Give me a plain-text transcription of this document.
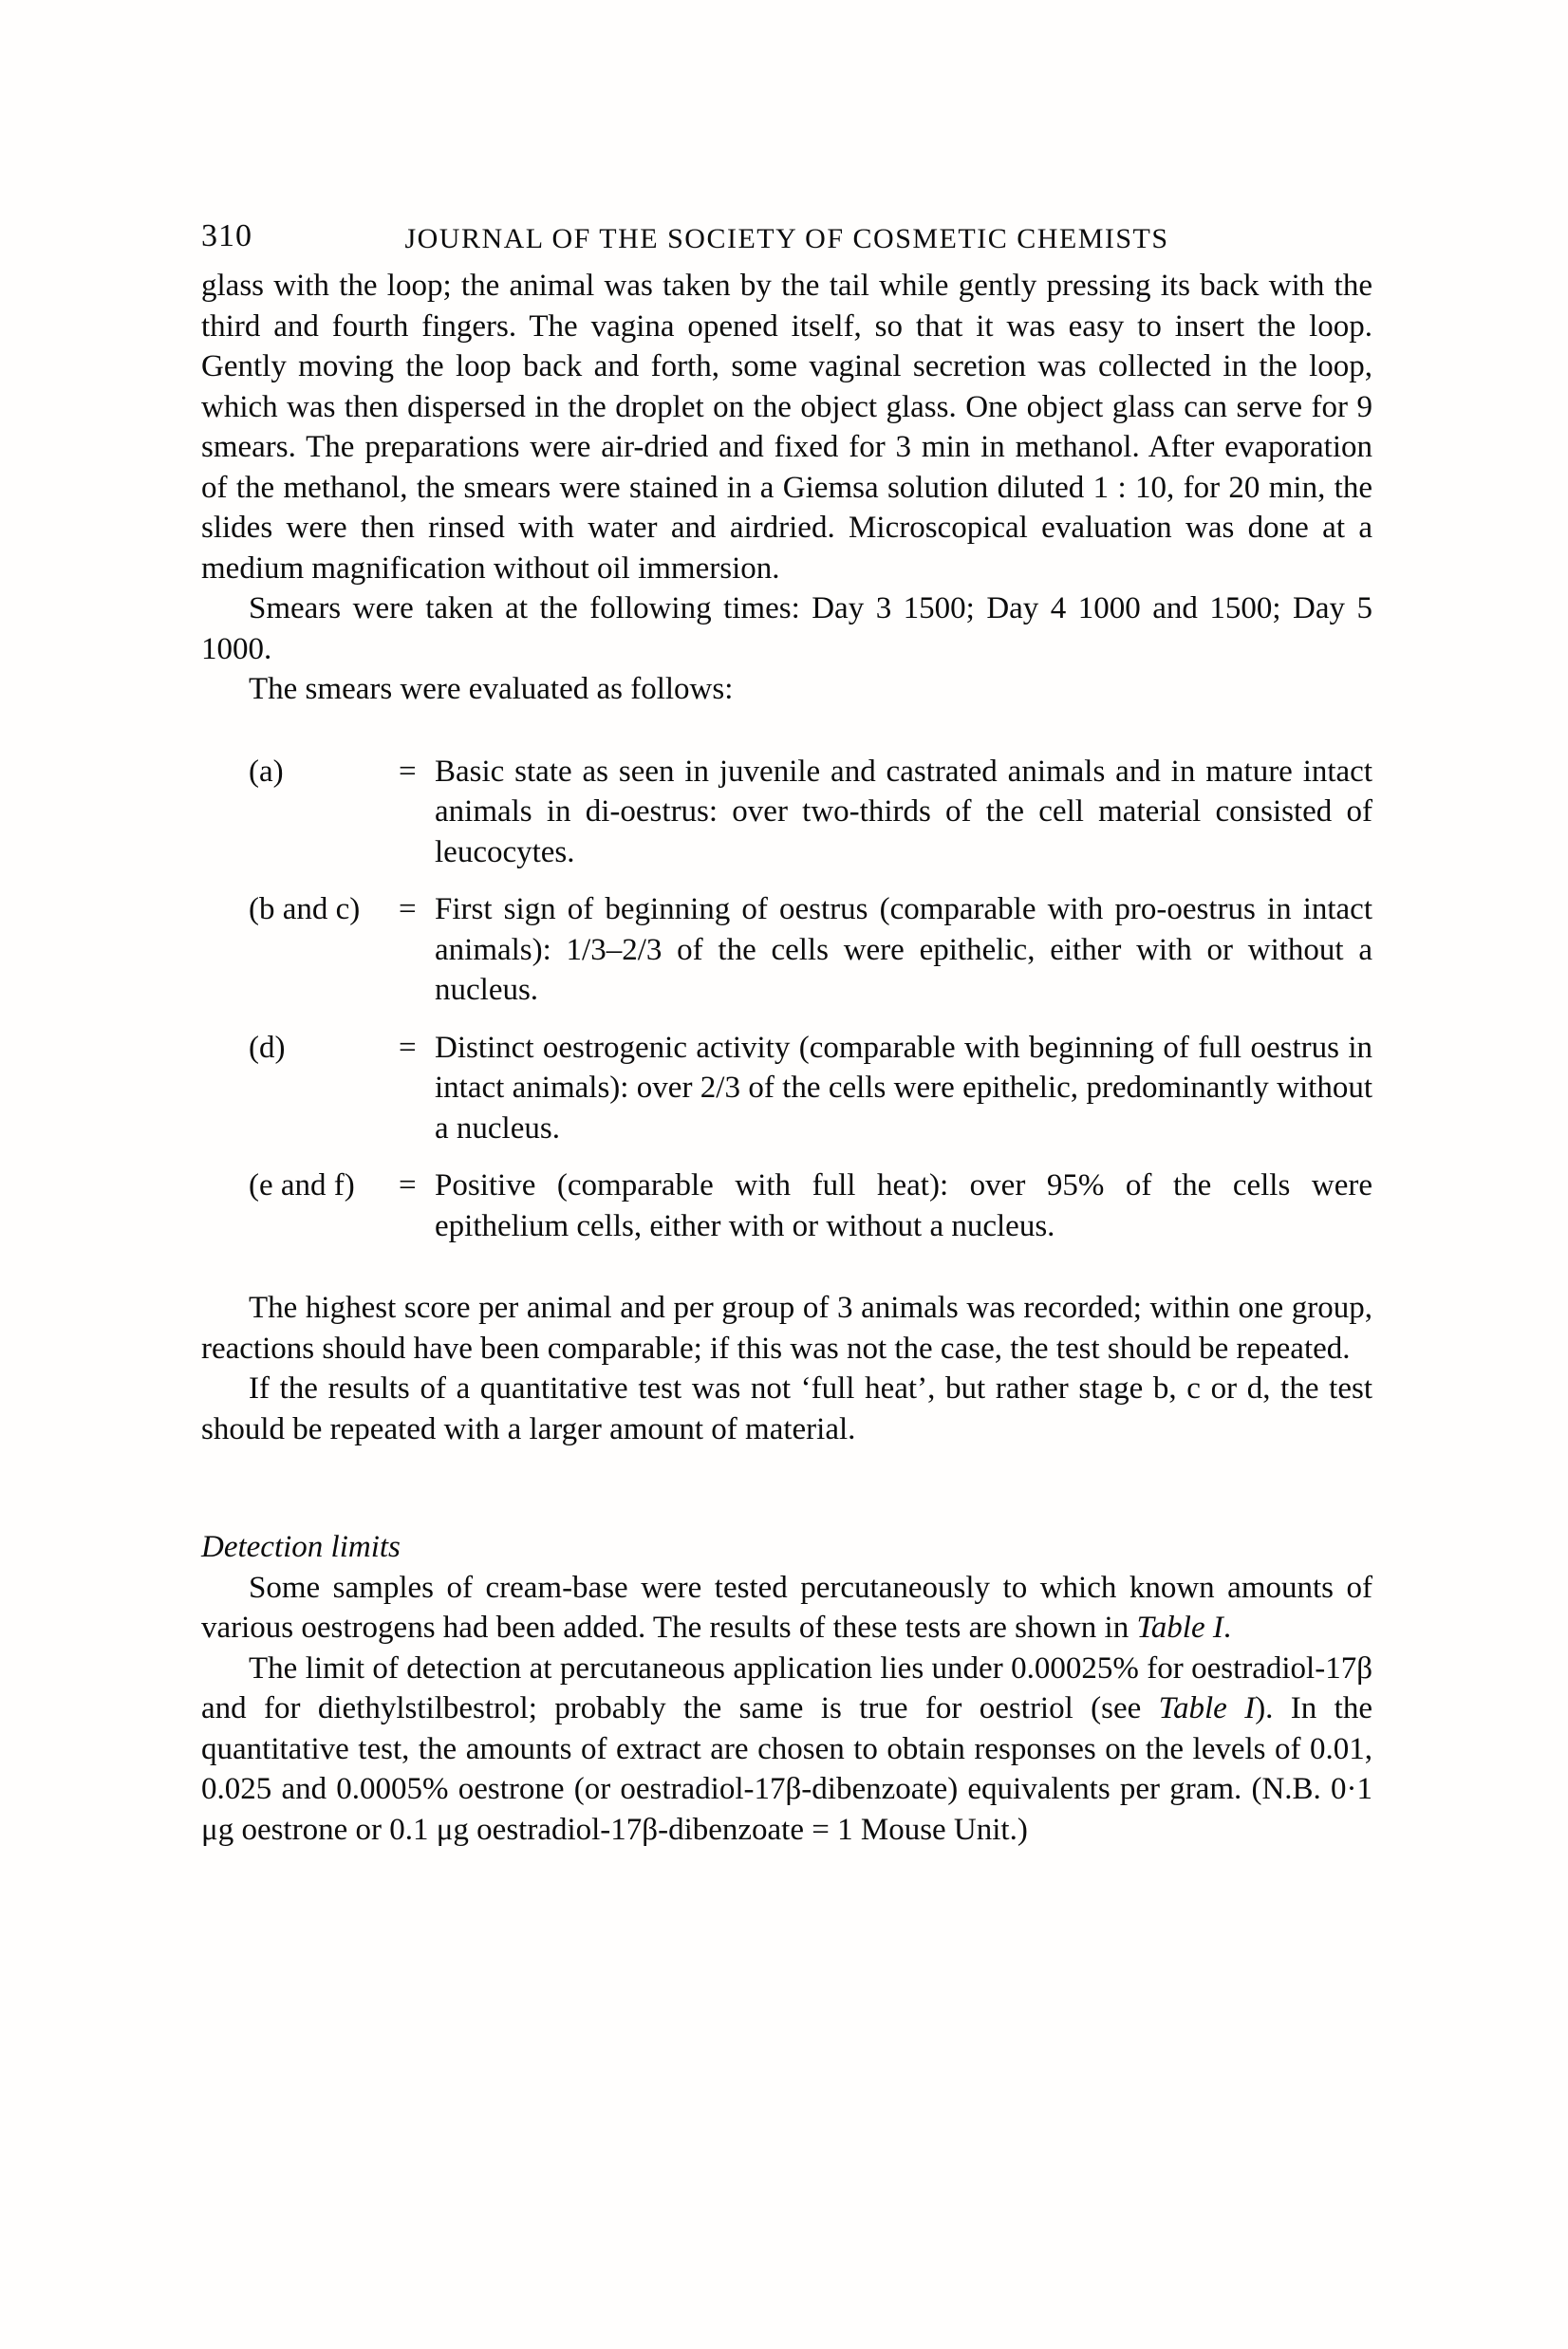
310	JOURNAL OF THE SOCIETY OF COSMETIC CHEMISTS

glass with the loop; the animal was taken by the tail while gently pressing its back with the third and fourth fingers. The vagina opened itself, so that it was easy to insert the loop. Gently moving the loop back and forth, some vaginal secretion was collected in the loop, which was then dispersed in the droplet on the object glass. One object glass can serve for 9 smears. The preparations were air-dried and fixed for 3 min in methanol. After evaporation of the methanol, the smears were stained in a Giemsa solution diluted 1 : 10, for 20 min, the slides were then rinsed with water and airdried. Microscopical evaluation was done at a medium magnification without oil immersion.

Smears were taken at the following times: Day 3 1500; Day 4 1000 and 1500; Day 5 1000.

The smears were evaluated as follows:

(a)	= Basic state as seen in juvenile and castrated animals and in mature intact animals in di-oestrus: over two-thirds of the cell material consisted of leucocytes.
(b and c)	= First sign of beginning of oestrus (comparable with pro-oestrus in intact animals): 1/3–2/3 of the cells were epithelic, either with or without a nucleus.
(d)	= Distinct oestrogenic activity (comparable with beginning of full oestrus in intact animals): over 2/3 of the cells were epithelic, predominantly without a nucleus.
(e and f)	= Positive (comparable with full heat): over 95% of the cells were epithelium cells, either with or without a nucleus.

The highest score per animal and per group of 3 animals was recorded; within one group, reactions should have been comparable; if this was not the case, the test should be repeated.

If the results of a quantitative test was not ‘full heat’, but rather stage b, c or d, the test should be repeated with a larger amount of material.

Detection limits

Some samples of cream-base were tested percutaneously to which known amounts of various oestrogens had been added. The results of these tests are shown in Table I.

The limit of detection at percutaneous application lies under 0.00025% for oestradiol-17β and for diethylstilbestrol; probably the same is true for oestriol (see Table I). In the quantitative test, the amounts of extract are chosen to obtain responses on the levels of 0.01, 0.025 and 0.0005% oestrone (or oestradiol-17β-dibenzoate) equivalents per gram. (N.B. 0·1 μg oestrone or 0.1 μg oestradiol-17β-dibenzoate = 1 Mouse Unit.)
